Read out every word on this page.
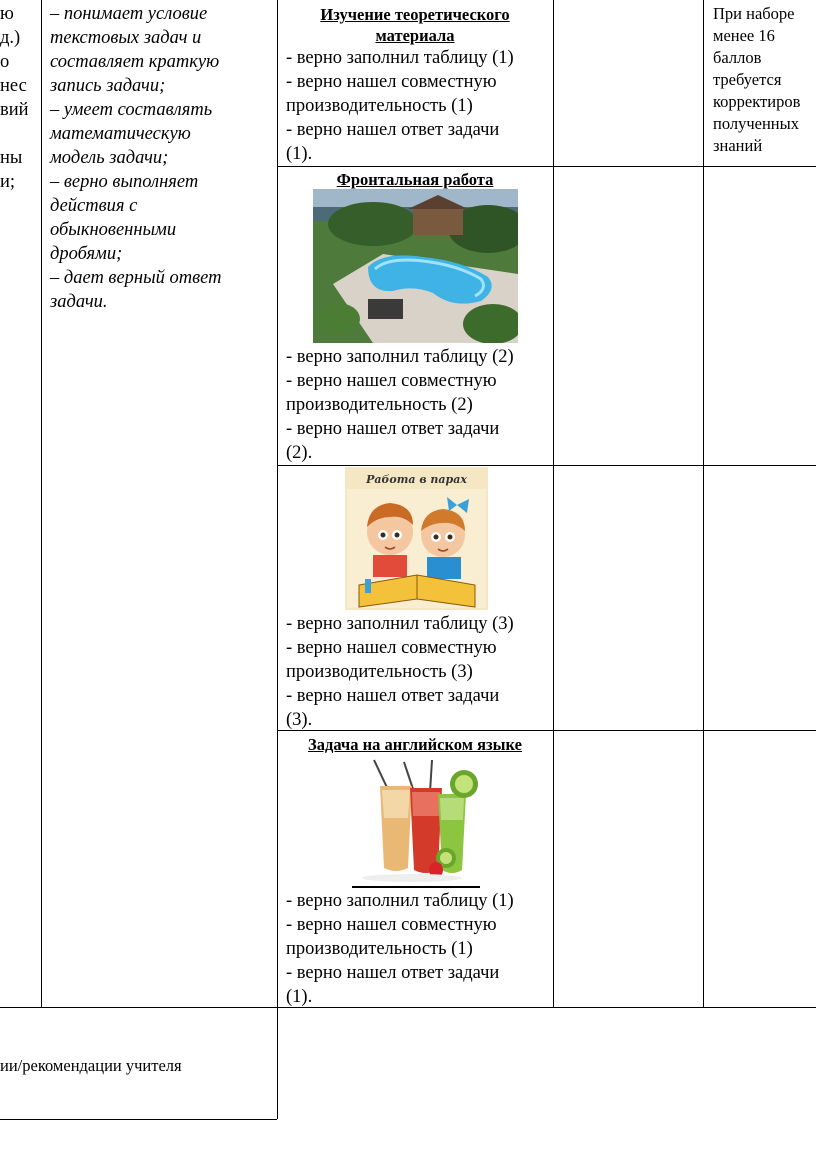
ю
д.)
о
нес
вий
ны
и;
– понимает условие
текстовых задач и
составляет краткую
запись задачи;
– умеет составлять
математическую
модель задачи;
– верно выполняет
действия с
обыкновенными
дробями;
– дает верный ответ
задачи.
При наборе
менее 16
баллов
требуется
корректиров
полученных
знаний
Изучение теоретического
материала
- верно заполнил таблицу (1)
- верно нашел совместную
производительность (1)
- верно нашел ответ задачи
(1).
Фронтальная работа
- верно заполнил таблицу (2)
- верно нашел совместную
производительность (2)
- верно нашел ответ задачи
(2).
Работа в парах
- верно заполнил таблицу (3)
- верно нашел совместную
производительность (3)
- верно нашел ответ задачи
(3).
Задача на английском языке
- верно заполнил таблицу (1)
- верно нашел совместную
производительность (1)
- верно нашел ответ задачи
(1).
ии/рекомендации учителя
